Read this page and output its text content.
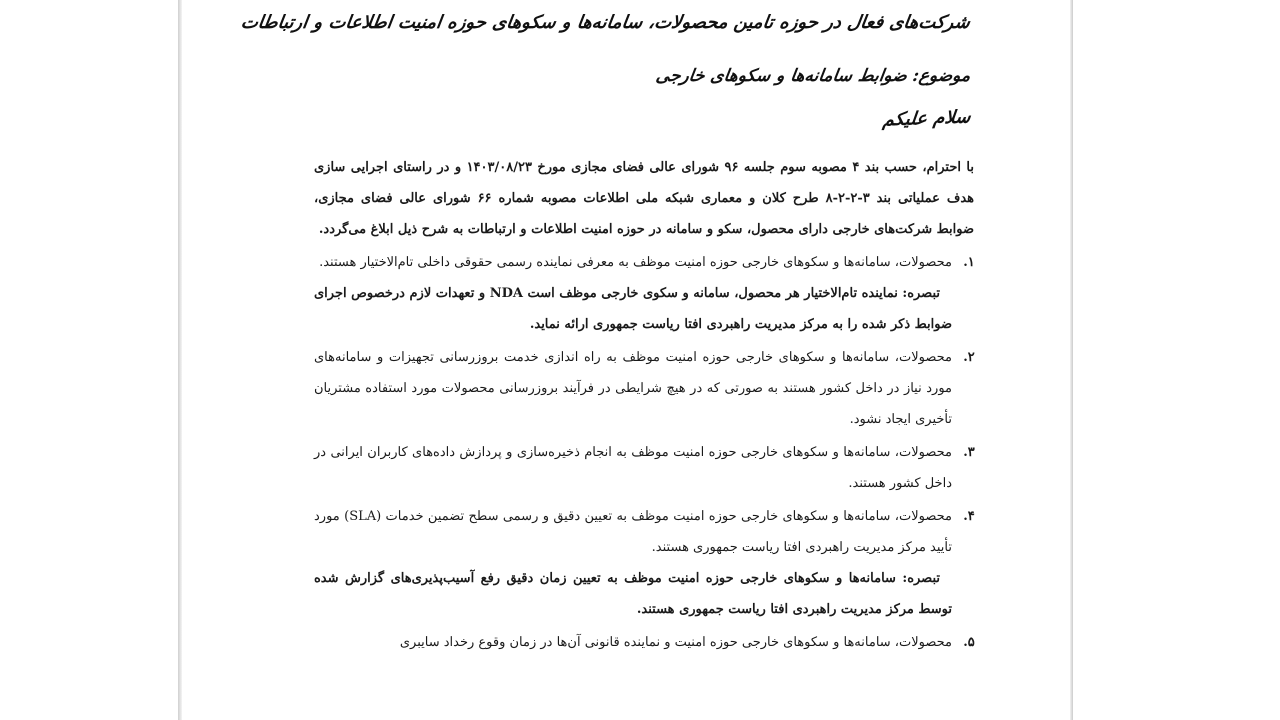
شرکت‌های فعال در حوزه تامین محصولات، سامانه‌ها و سکوهای حوزه امنیت اطلاعات و ارتباطات
موضوع: ضوابط سامانه‌ها و سکوهای خارجی
سلام علیکم

با احترام، حسب بند ۴ مصوبه سوم جلسه ۹۶ شورای عالی فضای مجازی مورخ ۱۴۰۳/۰۸/۲۳ و در راستای اجرایی سازی هدف عملیاتی بند ۳-۲-۲-۸ طرح کلان و معماری شبکه ملی اطلاعات مصوبه شماره ۶۶ شورای عالی فضای مجازی، ضوابط شرکت‌های خارجی دارای محصول، سکو و سامانه در حوزه امنیت اطلاعات و ارتباطات به شرح ذیل ابلاغ می‌گردد.

۱.
محصولات، سامانه‌ها و سکوهای خارجی حوزه امنیت موظف به معرفی نماینده رسمی حقوقی داخلی تام‌الاختیار هستند.

تبصره: نماینده تام‌الاختیار هر محصول، سامانه و سکوی خارجی موظف است NDA و تعهدات لازم درخصوص اجرای ضوابط ذکر شده را به مرکز مدیریت راهبردی افتا ریاست جمهوری ارائه نماید.

۲.
محصولات، سامانه‌ها و سکوهای خارجی حوزه امنیت موظف به راه اندازی خدمت بروزرسانی تجهیزات و سامانه‌های مورد نیاز در داخل کشور هستند به صورتی که در هیچ شرایطی در فرآیند بروزرسانی محصولات مورد استفاده مشتریان تأخیری ایجاد نشود.
۳.
محصولات، سامانه‌ها و سکوهای خارجی حوزه امنیت موظف به انجام ذخیره‌سازی و پردازش داده‌های کاربران ایرانی در داخل کشور هستند.
۴.
محصولات، سامانه‌ها و سکوهای خارجی حوزه امنیت موظف به تعیین دقیق و رسمی سطح تضمین خدمات (SLA) مورد تأیید مرکز مدیریت راهبردی افتا ریاست جمهوری هستند.

تبصره: سامانه‌ها و سکوهای خارجی حوزه امنیت موظف به تعیین زمان دقیق رفع آسیب‌پذیری‌های گزارش شده توسط مرکز مدیریت راهبردی افتا ریاست جمهوری هستند.

۵.
محصولات، سامانه‌ها و سکوهای خارجی حوزه امنیت و نماینده قانونی آن‌ها در زمان وقوع رخداد سایبری
